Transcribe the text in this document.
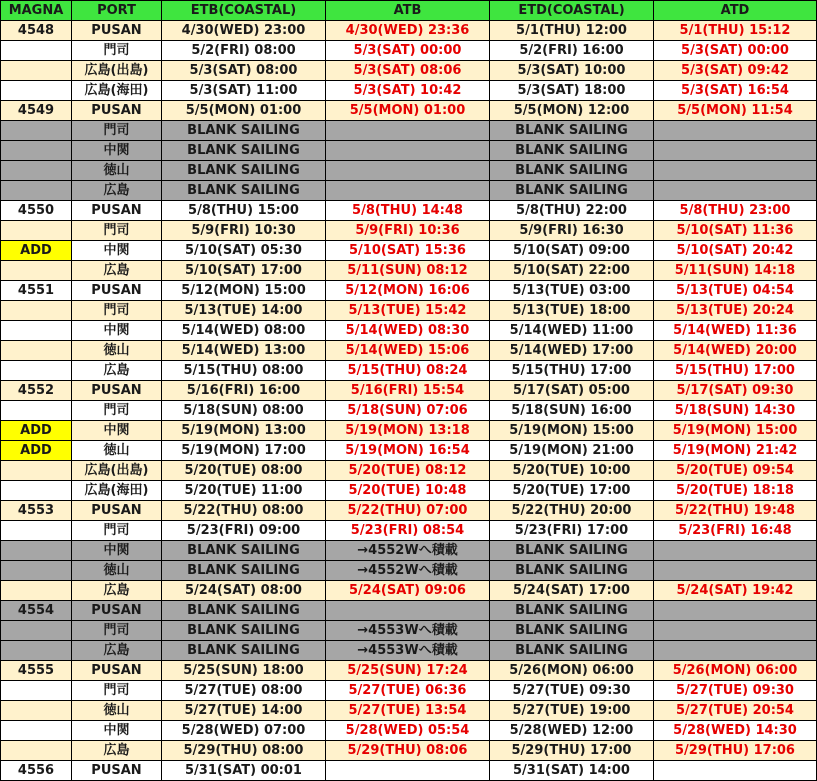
MAGNA	PORT	ETB(COASTAL)	ATB	ETD(COASTAL)	ATD
4548	PUSAN	4/30(WED) 23:00	4/30(WED) 23:36	5/1(THU) 12:00	5/1(THU) 15:12
	門司	5/2(FRI) 08:00	5/3(SAT) 00:00	5/2(FRI) 16:00	5/3(SAT) 00:00
	広島(出島)	5/3(SAT) 08:00	5/3(SAT) 08:06	5/3(SAT) 10:00	5/3(SAT) 09:42
	広島(海田)	5/3(SAT) 11:00	5/3(SAT) 10:42	5/3(SAT) 18:00	5/3(SAT) 16:54
4549	PUSAN	5/5(MON) 01:00	5/5(MON) 01:00	5/5(MON) 12:00	5/5(MON) 11:54
	門司	BLANK SAILING		BLANK SAILING	
	中関	BLANK SAILING		BLANK SAILING	
	徳山	BLANK SAILING		BLANK SAILING	
	広島	BLANK SAILING		BLANK SAILING	
4550	PUSAN	5/8(THU) 15:00	5/8(THU) 14:48	5/8(THU) 22:00	5/8(THU) 23:00
	門司	5/9(FRI) 10:30	5/9(FRI) 10:36	5/9(FRI) 16:30	5/10(SAT) 11:36
ADD	中関	5/10(SAT) 05:30	5/10(SAT) 15:36	5/10(SAT) 09:00	5/10(SAT) 20:42
	広島	5/10(SAT) 17:00	5/11(SUN) 08:12	5/10(SAT) 22:00	5/11(SUN) 14:18
4551	PUSAN	5/12(MON) 15:00	5/12(MON) 16:06	5/13(TUE) 03:00	5/13(TUE) 04:54
	門司	5/13(TUE) 14:00	5/13(TUE) 15:42	5/13(TUE) 18:00	5/13(TUE) 20:24
	中関	5/14(WED) 08:00	5/14(WED) 08:30	5/14(WED) 11:00	5/14(WED) 11:36
	徳山	5/14(WED) 13:00	5/14(WED) 15:06	5/14(WED) 17:00	5/14(WED) 20:00
	広島	5/15(THU) 08:00	5/15(THU) 08:24	5/15(THU) 17:00	5/15(THU) 17:00
4552	PUSAN	5/16(FRI) 16:00	5/16(FRI) 15:54	5/17(SAT) 05:00	5/17(SAT) 09:30
	門司	5/18(SUN) 08:00	5/18(SUN) 07:06	5/18(SUN) 16:00	5/18(SUN) 14:30
ADD	中関	5/19(MON) 13:00	5/19(MON) 13:18	5/19(MON) 15:00	5/19(MON) 15:00
ADD	徳山	5/19(MON) 17:00	5/19(MON) 16:54	5/19(MON) 21:00	5/19(MON) 21:42
	広島(出島)	5/20(TUE) 08:00	5/20(TUE) 08:12	5/20(TUE) 10:00	5/20(TUE) 09:54
	広島(海田)	5/20(TUE) 11:00	5/20(TUE) 10:48	5/20(TUE) 17:00	5/20(TUE) 18:18
4553	PUSAN	5/22(THU) 08:00	5/22(THU) 07:00	5/22(THU) 20:00	5/22(THU) 19:48
	門司	5/23(FRI) 09:00	5/23(FRI) 08:54	5/23(FRI) 17:00	5/23(FRI) 16:48
	中関	BLANK SAILING	→4552Wへ積載	BLANK SAILING	
	徳山	BLANK SAILING	→4552Wへ積載	BLANK SAILING	
	広島	5/24(SAT) 08:00	5/24(SAT) 09:06	5/24(SAT) 17:00	5/24(SAT) 19:42
4554	PUSAN	BLANK SAILING		BLANK SAILING	
	門司	BLANK SAILING	→4553Wへ積載	BLANK SAILING	
	広島	BLANK SAILING	→4553Wへ積載	BLANK SAILING	
4555	PUSAN	5/25(SUN) 18:00	5/25(SUN) 17:24	5/26(MON) 06:00	5/26(MON) 06:00
	門司	5/27(TUE) 08:00	5/27(TUE) 06:36	5/27(TUE) 09:30	5/27(TUE) 09:30
	徳山	5/27(TUE) 14:00	5/27(TUE) 13:54	5/27(TUE) 19:00	5/27(TUE) 20:54
	中関	5/28(WED) 07:00	5/28(WED) 05:54	5/28(WED) 12:00	5/28(WED) 14:30
	広島	5/29(THU) 08:00	5/29(THU) 08:06	5/29(THU) 17:00	5/29(THU) 17:06
4556	PUSAN	5/31(SAT) 00:01		5/31(SAT) 14:00	
